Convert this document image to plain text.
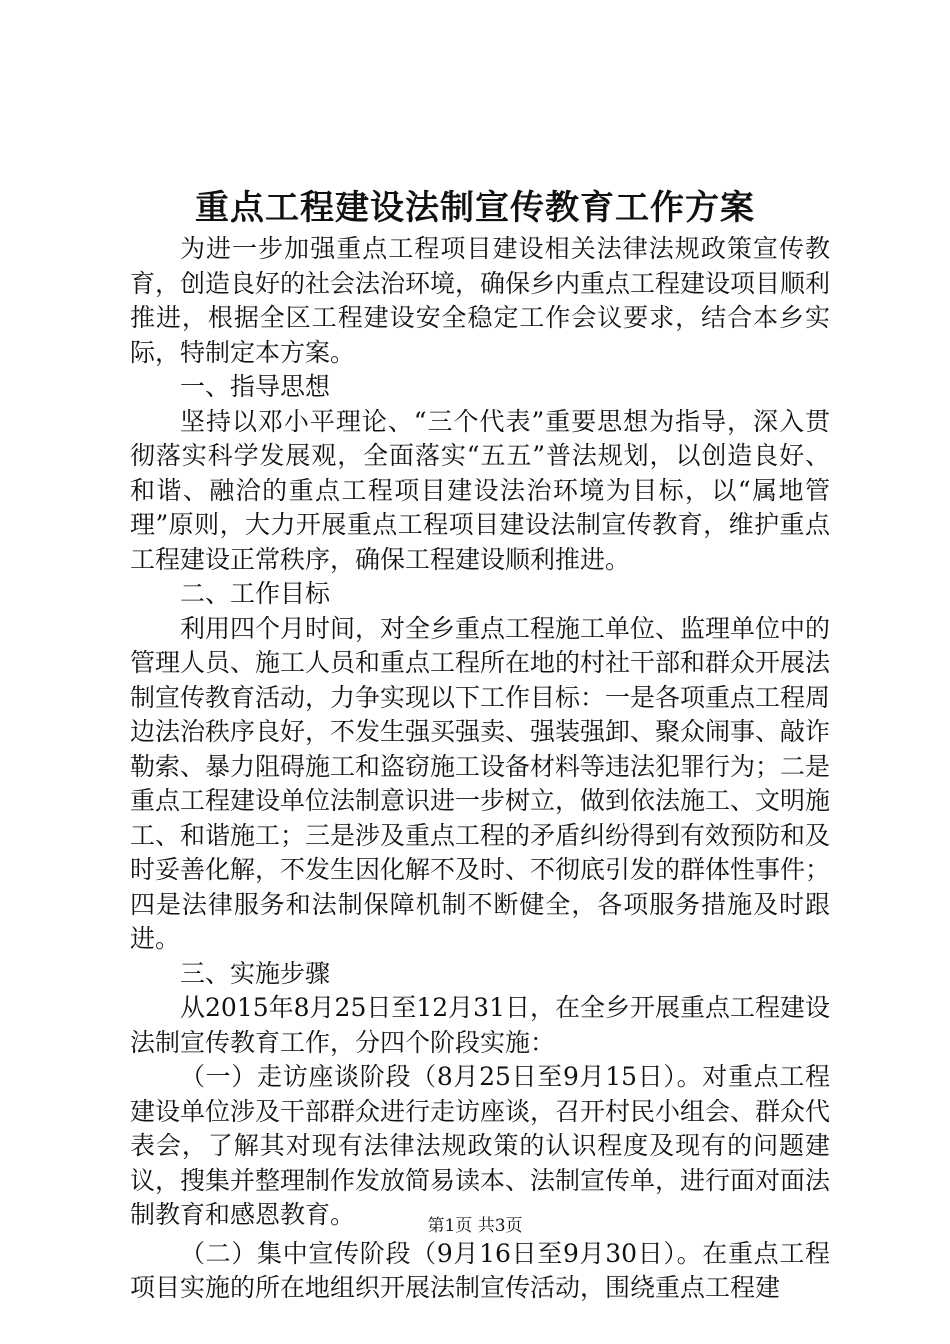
重点工程建设法制宣传教育工作方案

为进一步加强重点工程项目建设相关法律法规政策宣传教育，创造良好的社会法治环境，确保乡内重点工程建设项目顺利推进，根据全区工程建设安全稳定工作会议要求，结合本乡实际，特制定本方案。

一、指导思想

坚持以邓小平理论、“三个代表”重要思想为指导，深入贯彻落实科学发展观，全面落实“五五”普法规划，以创造良好、和谐、融洽的重点工程项目建设法治环境为目标，以“属地管理”原则，大力开展重点工程项目建设法制宣传教育，维护重点工程建设正常秩序，确保工程建设顺利推进。

二、工作目标

利用四个月时间，对全乡重点工程施工单位、监理单位中的管理人员、施工人员和重点工程所在地的村社干部和群众开展法制宣传教育活动，力争实现以下工作目标：一是各项重点工程周边法治秩序良好，不发生强买强卖、强装强卸、聚众闹事、敲诈勒索、暴力阻碍施工和盗窃施工设备材料等违法犯罪行为；二是重点工程建设单位法制意识进一步树立，做到依法施工、文明施工、和谐施工；三是涉及重点工程的矛盾纠纷得到有效预防和及时妥善化解，不发生因化解不及时、不彻底引发的群体性事件；四是法律服务和法制保障机制不断健全，各项服务措施及时跟进。

三、实施步骤

从2015年8月25日至12月31日，在全乡开展重点工程建设法制宣传教育工作，分四个阶段实施：

（一）走访座谈阶段（8月25日至9月15日）。对重点工程建设单位涉及干部群众进行走访座谈，召开村民小组会、群众代表会，了解其对现有法律法规政策的认识程度及现有的问题建议，搜集并整理制作发放简易读本、法制宣传单，进行面对面法制教育和感恩教育。

（二）集中宣传阶段（9月16日至9月30日）。在重点工程项目实施的所在地组织开展法制宣传活动，围绕重点工程建

第1页 共3页
